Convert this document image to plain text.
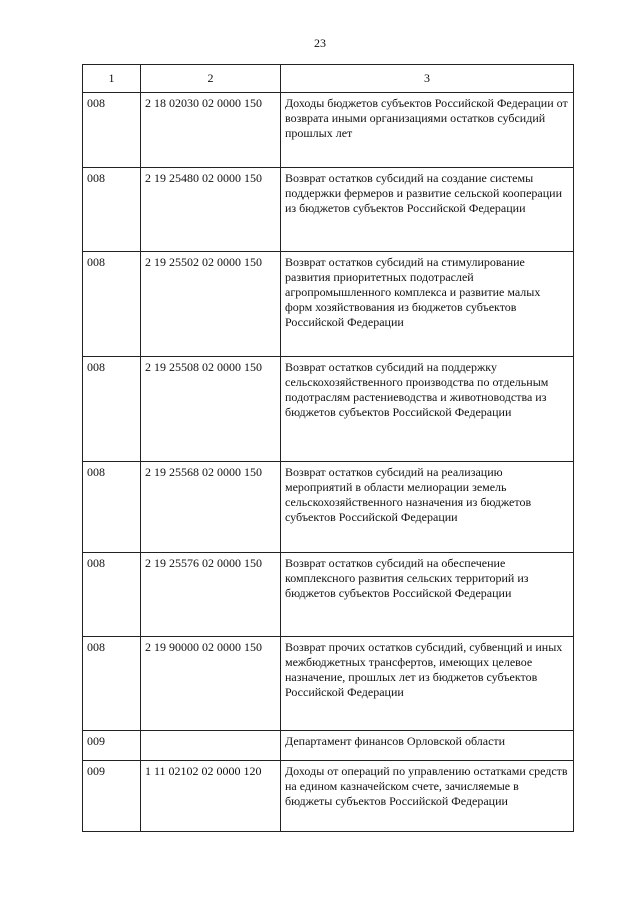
23
1	2	3
008	2 18 02030 02 0000 150	Доходы бюджетов субъектов Российской Федерации от возврата иными организациями остатков субсидий прошлых лет
008	2 19 25480 02 0000 150	Возврат остатков субсидий на создание системы поддержки фермеров и развитие сельской кооперации из бюджетов субъектов Российской Федерации
008	2 19 25502 02 0000 150	Возврат остатков субсидий на стимулирование развития приоритетных подотраслей агропромышленного комплекса и развитие малых форм хозяйствования из бюджетов субъектов Российской Федерации
008	2 19 25508 02 0000 150	Возврат остатков субсидий на поддержку сельскохозяйственного производства по отдельным подотраслям растениеводства и животноводства из бюджетов субъектов Российской Федерации
008	2 19 25568 02 0000 150	Возврат остатков субсидий на реализацию мероприятий в области мелиорации земель сельскохозяйственного назначения из бюджетов субъектов Российской Федерации
008	2 19 25576 02 0000 150	Возврат остатков субсидий на обеспечение комплексного развития сельских территорий из бюджетов субъектов Российской Федерации
008	2 19 90000 02 0000 150	Возврат прочих остатков субсидий, субвенций и иных межбюджетных трансфертов, имеющих целевое назначение, прошлых лет из бюджетов субъектов Российской Федерации
009		Департамент финансов Орловской области
009	1 11 02102 02 0000 120	Доходы от операций по управлению остатками средств на едином казначейском счете, зачисляемые в бюджеты субъектов Российской Федерации
